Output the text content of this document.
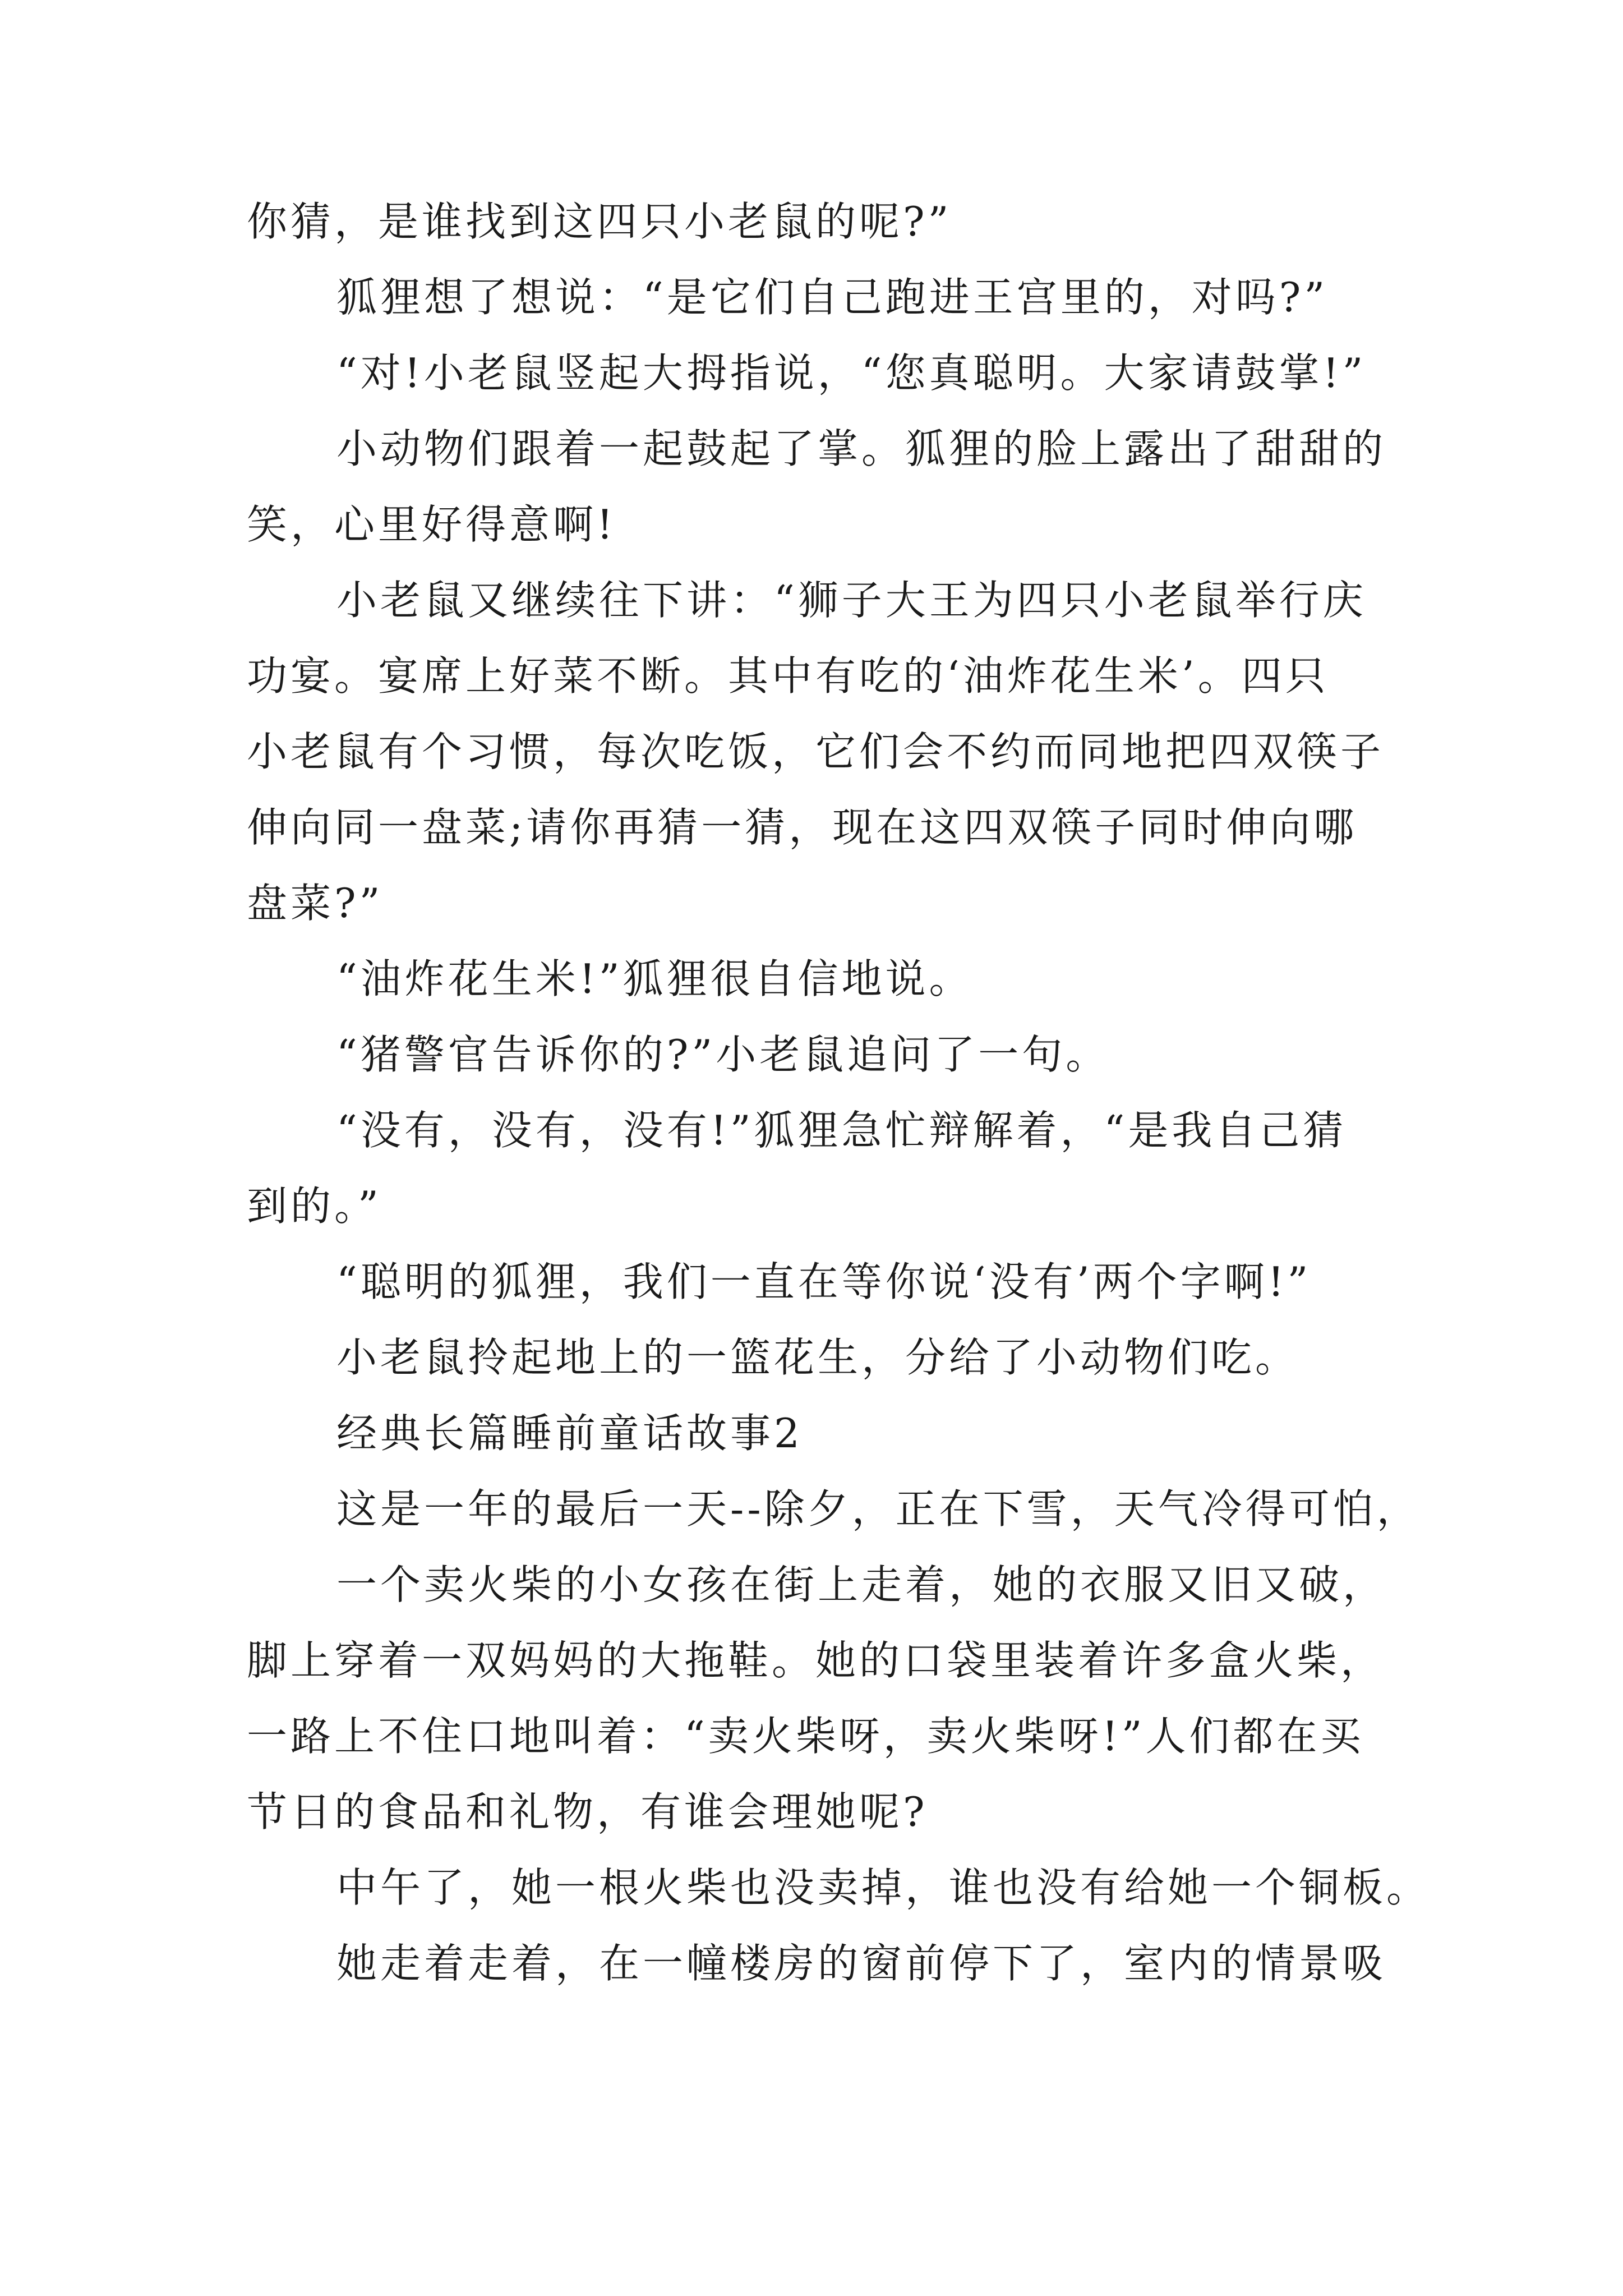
你猜，是谁找到这四只小老鼠的呢?”
狐狸想了想说：“是它们自己跑进王宫里的，对吗?”
“对!小老鼠竖起大拇指说，“您真聪明。大家请鼓掌!”
小动物们跟着一起鼓起了掌。狐狸的脸上露出了甜甜的
笑，心里好得意啊!
小老鼠又继续往下讲：“狮子大王为四只小老鼠举行庆
功宴。宴席上好菜不断。其中有吃的‘油炸花生米’。四只
小老鼠有个习惯，每次吃饭，它们会不约而同地把四双筷子
伸向同一盘菜;请你再猜一猜，现在这四双筷子同时伸向哪
盘菜?”
“油炸花生米!”狐狸很自信地说。
“猪警官告诉你的?”小老鼠追问了一句。
“没有，没有，没有!”狐狸急忙辩解着，“是我自己猜
到的。”
“聪明的狐狸，我们一直在等你说‘没有’两个字啊!”
小老鼠拎起地上的一篮花生，分给了小动物们吃。
经典长篇睡前童话故事2
这是一年的最后一天--除夕，正在下雪，天气冷得可怕，
一个卖火柴的小女孩在街上走着，她的衣服又旧又破，
脚上穿着一双妈妈的大拖鞋。她的口袋里装着许多盒火柴，
一路上不住口地叫着：“卖火柴呀，卖火柴呀!”人们都在买
节日的食品和礼物，有谁会理她呢?
中午了，她一根火柴也没卖掉，谁也没有给她一个铜板。
她走着走着，在一幢楼房的窗前停下了，室内的情景吸
